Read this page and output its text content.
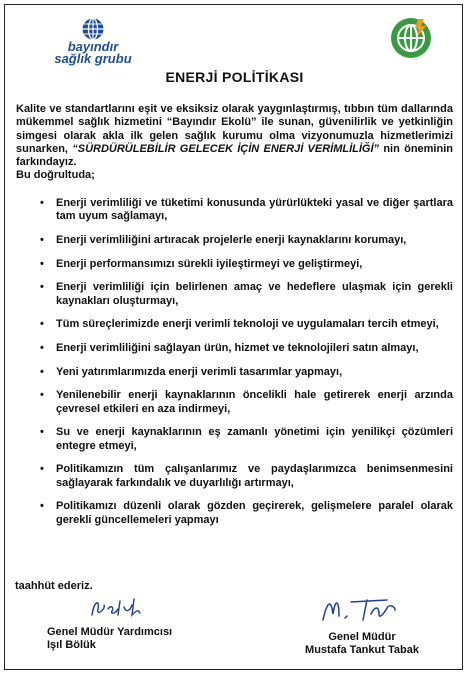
bayındır
sağlık grubu
ENERJİ POLİTİKASI
Kalite ve standartlarını eşit ve eksiksiz olarak yaygınlaştırmış, tıbbın tüm dallarında mükemmel sağlık hizmetini “Bayındır Ekolü” ile sunan, güvenilirlik ve yetkinliğin simgesi olarak akla ilk gelen sağlık kurumu olma vizyonumuzla hizmetlerimizi sunarken, “SÜRDÜRÜLEBİLİR GELECEK İÇİN ENERJİ VERİMLİLİĞİ” nin öneminin farkındayız.
Bu doğrultuda;
• Enerji verimliliği ve tüketimi konusunda yürürlükteki yasal ve diğer şartlara tam uyum sağlamayı,
• Enerji verimliliğini artıracak projelerle enerji kaynaklarını korumayı,
• Enerji performansımızı sürekli iyileştirmeyi ve geliştirmeyi,
• Enerji verimliliği için belirlenen amaç ve hedeflere ulaşmak için gerekli kaynakları oluşturmayı,
• Tüm süreçlerimizde enerji verimli teknoloji ve uygulamaları tercih etmeyi,
• Enerji verimliliğini sağlayan ürün, hizmet ve teknolojileri satın almayı,
• Yeni yatırımlarımızda enerji verimli tasarımlar yapmayı,
• Yenilenebilir enerji kaynaklarının öncelikli hale getirerek enerji arzında çevresel etkileri en aza indirmeyi,
• Su ve enerji kaynaklarının eş zamanlı yönetimi için yenilikçi çözümleri entegre etmeyi,
• Politikamızın tüm çalışanlarımız ve paydaşlarımızca benimsenmesini sağlayarak farkındalık ve duyarlılığı artırmayı,
• Politikamızı düzenli olarak gözden geçirerek, gelişmelere paralel olarak gerekli güncellemeleri yapmayı
taahhüt ederiz.
Genel Müdür Yardımcısı
Işıl Bölük
Genel Müdür
Mustafa Tankut Tabak
